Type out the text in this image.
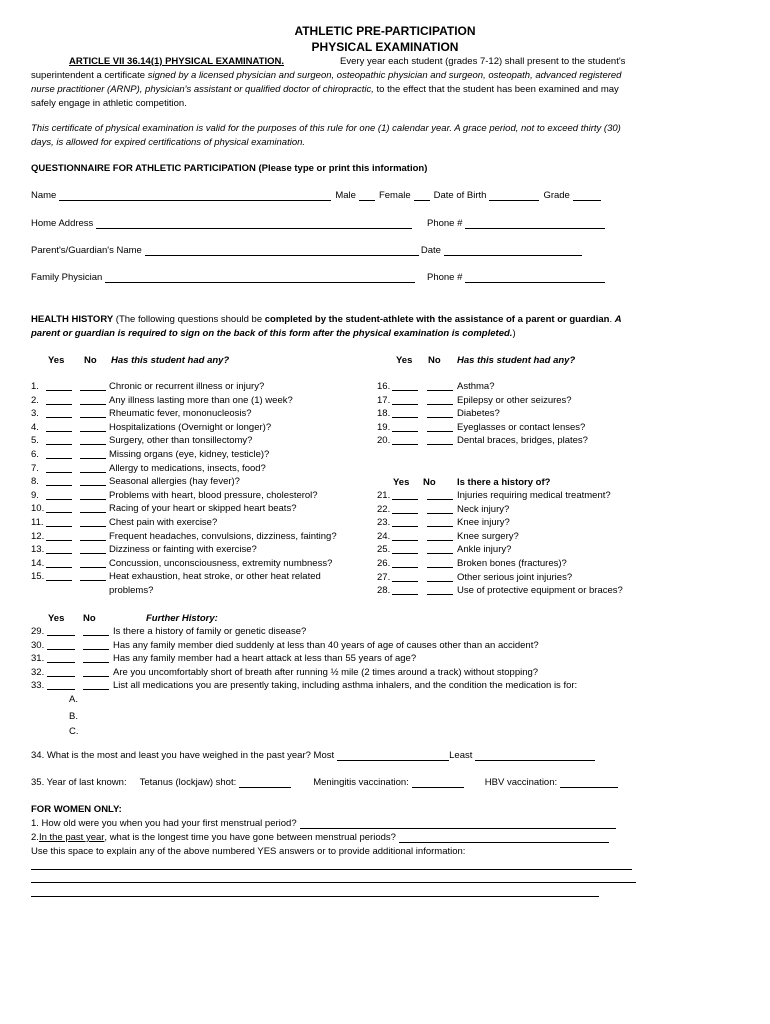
ATHLETIC PRE-PARTICIPATION
PHYSICAL EXAMINATION
ARTICLE VII 36.14(1) PHYSICAL EXAMINATION.	Every year each student (grades 7-12) shall present to the student's superintendent a certificate signed by a licensed physician and surgeon, osteopathic physician and surgeon, osteopath, advanced registered nurse practitioner (ARNP), physician's assistant or qualified doctor of chiropractic, to the effect that the student has been examined and may safely engage in athletic competition.
This certificate of physical examination is valid for the purposes of this rule for one (1) calendar year. A grace period, not to exceed thirty (30) days, is allowed for expired certifications of physical examination.
QUESTIONNAIRE FOR ATHLETIC PARTICIPATION (Please type or print this information)
Name	Male Female Date of Birth	Grade
Home Address	Phone #
Parent's/Guardian's Name	Date
Family Physician	Phone #
HEALTH HISTORY (The following questions should be completed by the student-athlete with the assistance of a parent or guardian. A parent or guardian is required to sign on the back of this form after the physical examination is completed.)
Yes No Has this student had any?	Yes No Has this student had any?
1.	Chronic or recurrent illness or injury?
2.	Any illness lasting more than one (1) week?
3.	Rheumatic fever, mononucleosis?
4.	Hospitalizations (Overnight or longer)?
5.	Surgery, other than tonsillectomy?
6.	Missing organs (eye, kidney, testicle)?
7.	Allergy to medications, insects, food?
8.	Seasonal allergies (hay fever)?
9.	Problems with heart, blood pressure, cholesterol?
10.	Racing of your heart or skipped heart beats?
11.	Chest pain with exercise?
12.	Frequent headaches, convulsions, dizziness, fainting?
13.	Dizziness or fainting with exercise?
14.	Concussion, unconsciousness, extremity numbness?
15.	Heat exhaustion, heat stroke, or other heat related
problems?
16.	Asthma?
17.	Epilepsy or other seizures?
18.	Diabetes?
19.	Eyeglasses or contact lenses?
20.	Dental braces, bridges, plates?
Yes No Is there a history of?
21.	Injuries requiring medical treatment?
22.	Neck injury?
23.	Knee injury?
24.	Knee surgery?
25.	Ankle injury?
26.	Broken bones (fractures)?
27.	Other serious joint injuries?
28.	Use of protective equipment or braces?
Yes No	Further History:
29.	Is there a history of family or genetic disease?
30.	Has any family member died suddenly at less than 40 years of age of causes other than an accident?
31.	Has any family member had a heart attack at less than 55 years of age?
32.	Are you uncomfortably short of breath after running ½ mile (2 times around a track) without stopping?
33.	List all medications you are presently taking, including asthma inhalers, and the condition the medication is for:
A.
B.
C.
34. What is the most and least you have weighed in the past year? Most	Least
35. Year of last known: Tetanus (lockjaw) shot:	Meningitis vaccination:	HBV vaccination:
FOR WOMEN ONLY:
1. How old were you when you had your first menstrual period?
2. In the past year , what is the longest time you have gone between menstrual periods?
Use this space to explain any of the above numbered YES answers or to provide additional information:
